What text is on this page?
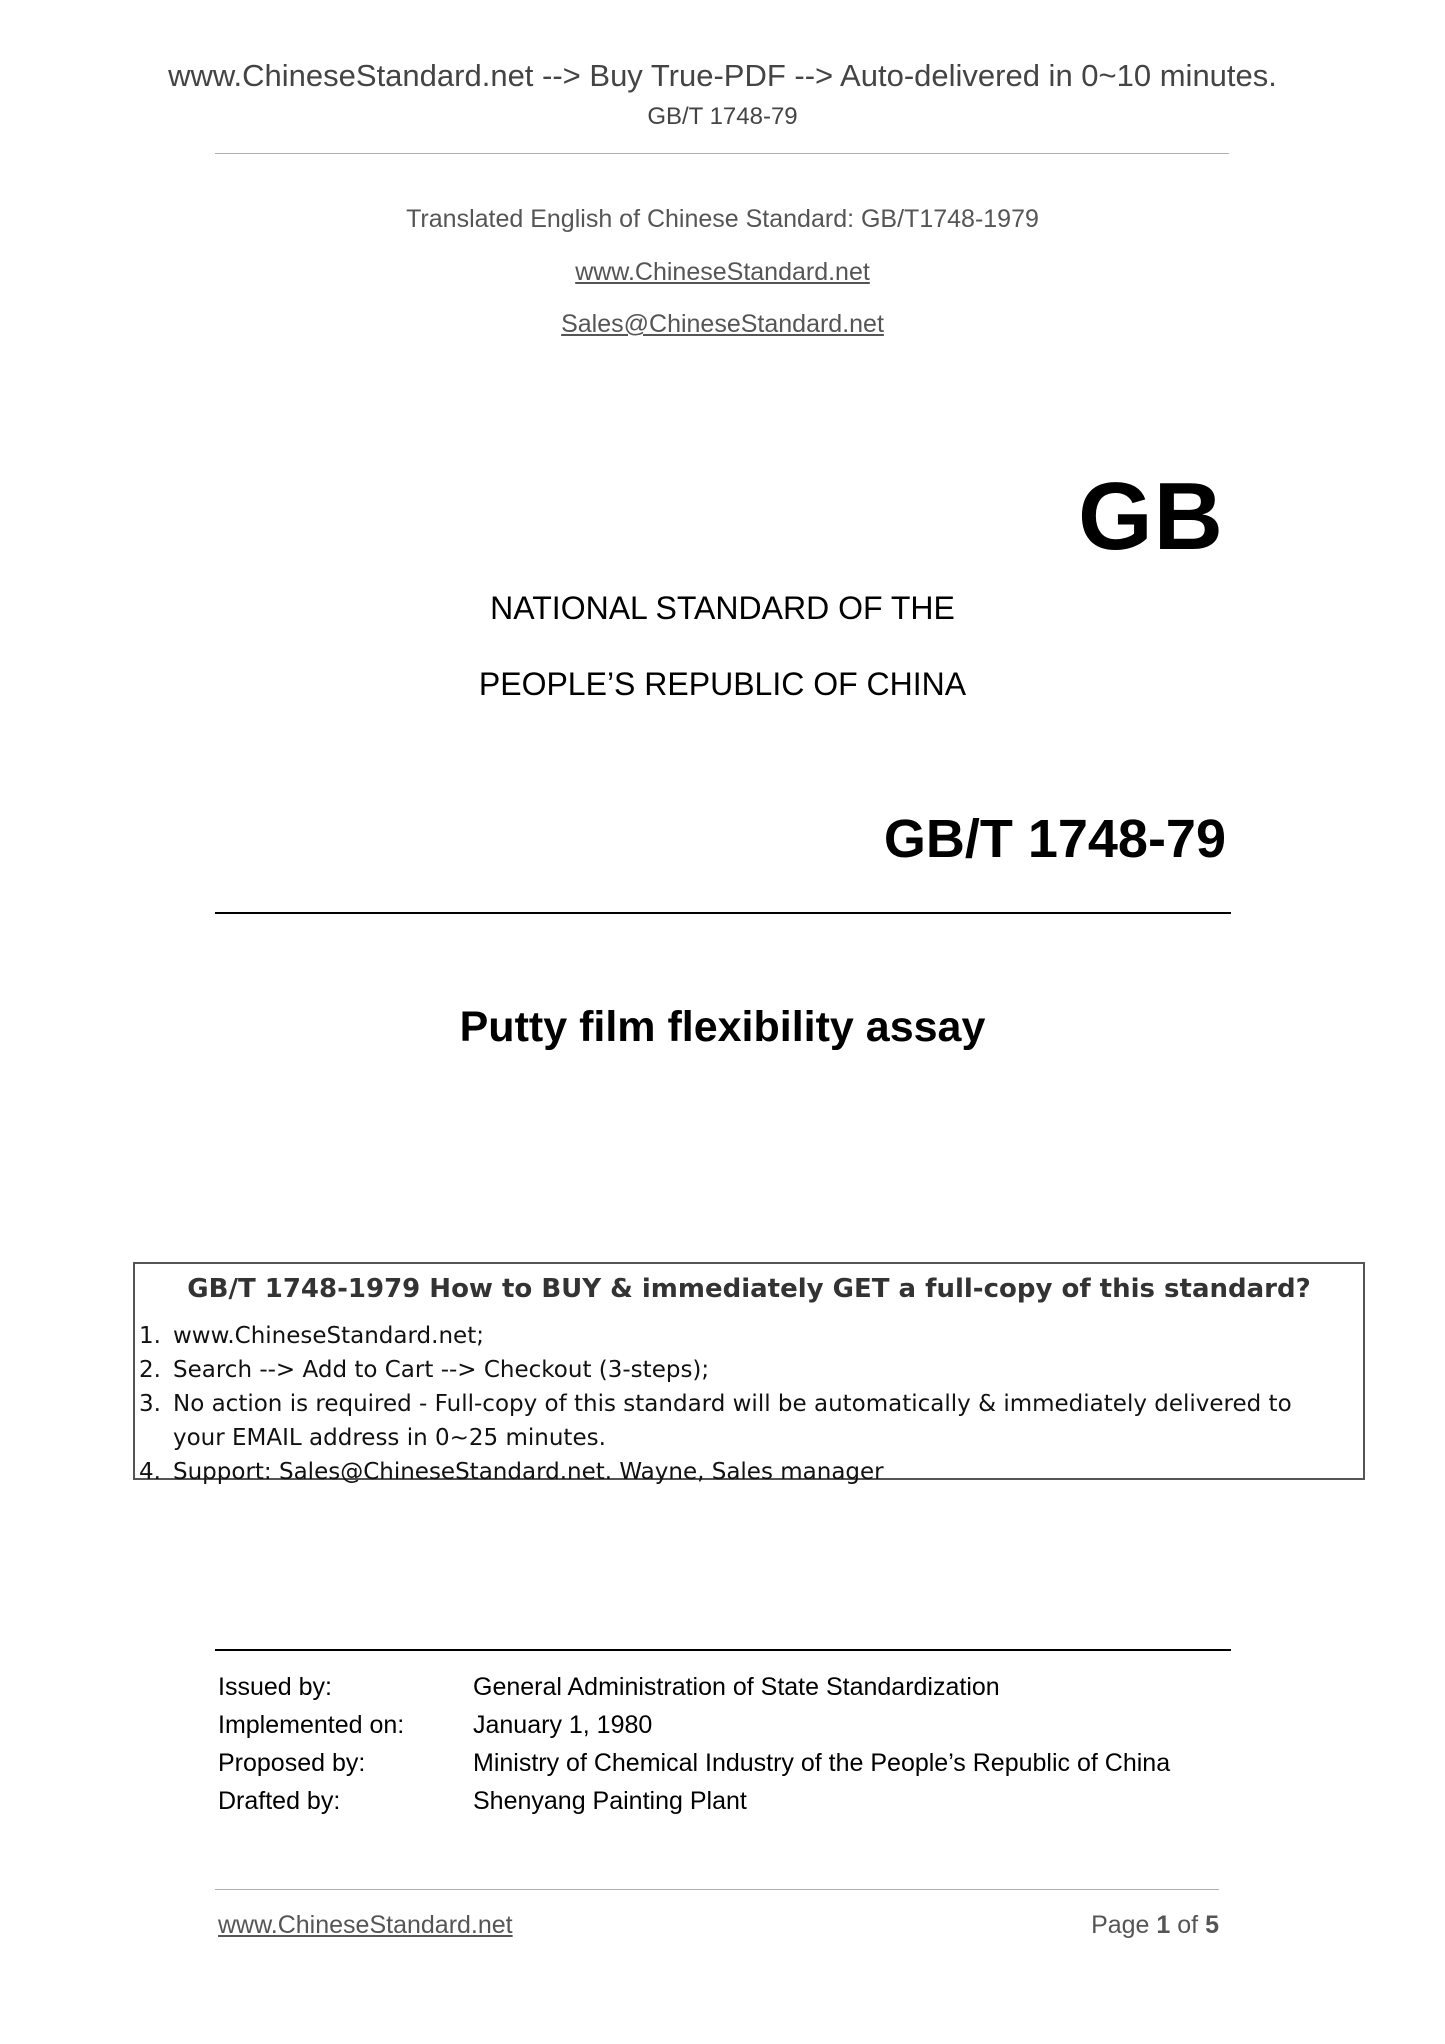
www.ChineseStandard.net --> Buy True-PDF --> Auto-delivered in 0~10 minutes.
GB/T 1748-79
Translated English of Chinese Standard: GB/T1748-1979
www.ChineseStandard.net
Sales@ChineseStandard.net
GB
NATIONAL STANDARD OF THE
PEOPLE’S REPUBLIC OF CHINA
GB/T 1748-79
Putty film flexibility assay
GB/T 1748-1979 How to BUY & immediately GET a full-copy of this standard?
1. www.ChineseStandard.net;
2. Search --> Add to Cart --> Checkout (3-steps);
3. No action is required - Full-copy of this standard will be automatically & immediately delivered to
your EMAIL address in 0~25 minutes.
4. Support: Sales@ChineseStandard.net. Wayne, Sales manager
Issued by:	General Administration of State Standardization
Implemented on:	January 1, 1980
Proposed by:	Ministry of Chemical Industry of the People’s Republic of China
Drafted by:	Shenyang Painting Plant
www.ChineseStandard.net	Page 1 of 5
